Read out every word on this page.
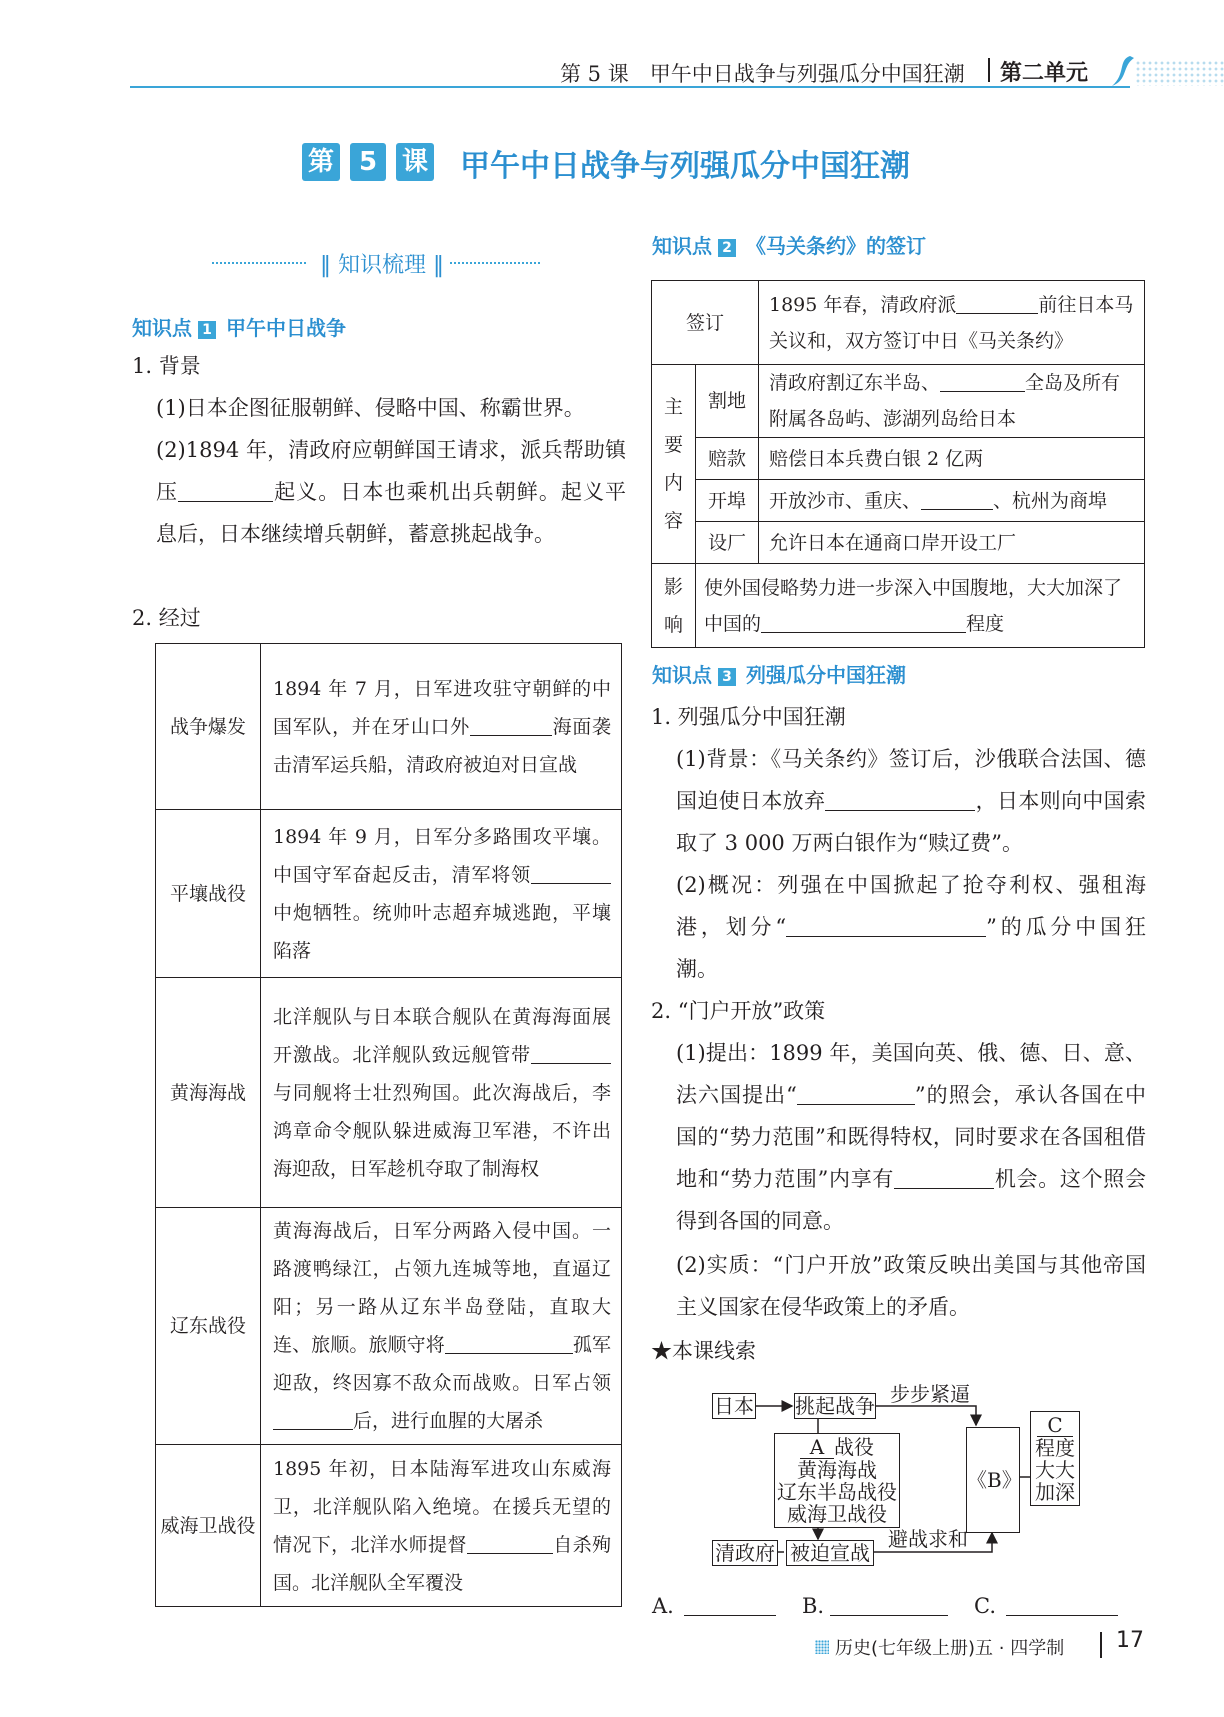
第 5 课　甲午中日战争与列强瓜分中国狂潮 第二单元
第 5 课 甲午中日战争与列强瓜分中国狂潮
‖ 知识梳理 ‖
知识点 1 甲午中日战争
1. 背景
(1)日本企图征服朝鲜、侵略中国、称霸世界。
(2)1894 年，清政府应朝鲜国王请求，派兵帮助镇压	起义。日本也乘机出兵朝鲜。起义平息后，日本继续增兵朝鲜，蓄意挑起战争。
2. 经过
战争爆发	1894 年 7 月，日军进攻驻守朝鲜的中国军队，并在牙山口外 海面袭击清军运兵船，清政府被迫对日宣战
平壤战役	1894 年 9 月，日军分多路围攻平壤。中国守军奋起反击，清军将领中炮牺牲。统帅叶志超弃城逃跑，平壤陷落
黄海海战	北洋舰队与日本联合舰队在黄海海面展开激战。北洋舰队致远舰管带与同舰将士壮烈殉国。此次海战后，李鸿章命令舰队躲进威海卫军港，不许出海迎敌，日军趁机夺取了制海权
辽东战役	黄海海战后，日军分两路入侵中国。一路渡鸭绿江，占领九连城等地，直逼辽阳；另一路从辽东半岛登陆，直取大连、旅顺。旅顺守将 孤军迎敌，终因寡不敌众而战败。日军占领后，进行血腥的大屠杀
威海卫战役	1895 年初，日本陆海军进攻山东威海卫，北洋舰队陷入绝境。在援兵无望的情况下，北洋水师提督 自杀殉国。北洋舰队全军覆没
知识点 2 《马关条约》的签订
签订		1895 年春，清政府派 前往日本马关议和，双方签订中日《马关条约》

主要内容	割地	清政府割辽东半岛、 全岛及所有附属各岛屿、澎湖列岛给日本
	赔款	赔偿日本兵费白银 2 亿两
	开埠	开放沙市、重庆、 、杭州为商埠
	设厂	允许日本在通商口岸开设工厂

影响	使外国侵略势力进一步深入中国腹地，大大加深了中国的 程度	
知识点 3 列强瓜分中国狂潮
1. 列强瓜分中国狂潮
(1)背景：《马关条约》签订后，沙俄联合法国、德国迫使日本放弃	，日本则向中国索取了 3 000 万两白银作为“赎辽费”。
(2)概况：列强在中国掀起了抢夺利权、强租海港，划分“	”的瓜分中国狂潮。
2. “门户开放”政策
(1)提出：1899 年，美国向英、俄、德、日、意、法六国提出“	”的照会，承认各国在中国的“势力范围”和既得特权，同时要求在各国租借地和“势力范围”内享有	机会。这个照会得到各国的同意。
(2)实质：“门户开放”政策反映出美国与其他帝国主义国家在侵华政策上的矛盾。
★本课线索
日本 挑起战争 步步紧逼
A 战役
黄海海战
辽东半岛战役
威海卫战役
《B》
C
程度
大大
加深
清政府 被迫宣战
避战求和
A.	B.	C.
历史(七年级上册)五 · 四学制 17
